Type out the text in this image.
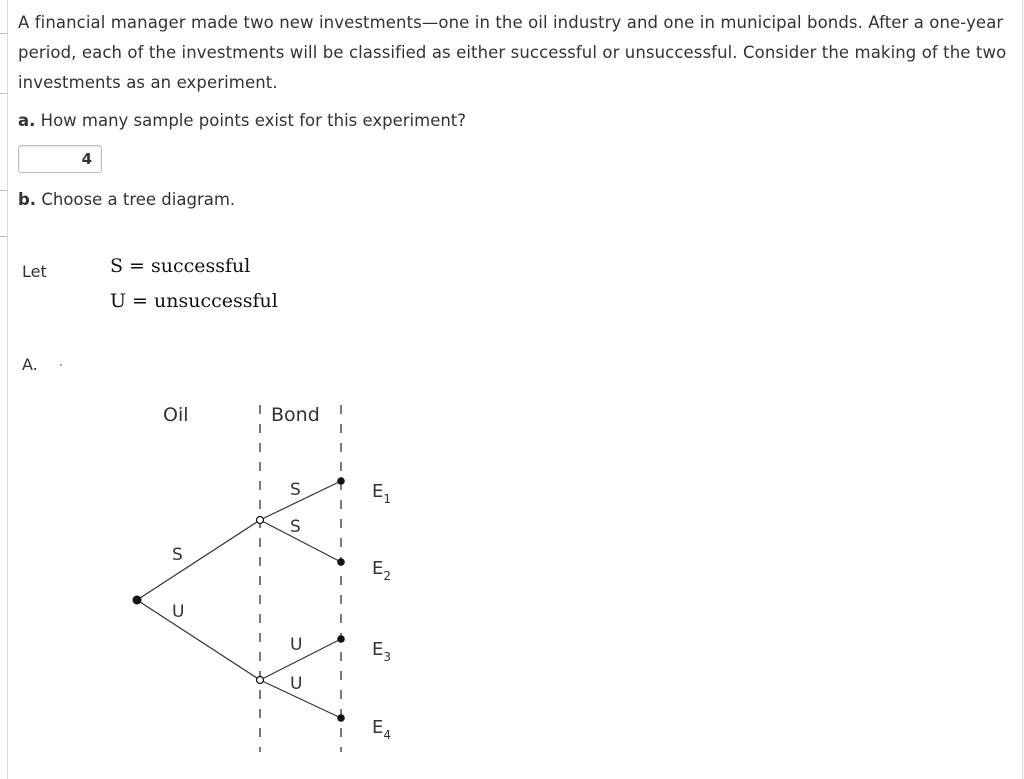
A financial manager made two new investments—one in the oil industry and one in municipal bonds. After a one-year period, each of the investments will be classified as either successful or unsuccessful. Consider the making of the two investments as an experiment.

a. How many sample points exist for this experiment?

4

b. Choose a tree diagram.

Let	S = successful

U = unsuccessful

A.

Oil	Bond
S
U
S
S
U
U
$E_1$
$E_2$
$E_3$
$E_4$
